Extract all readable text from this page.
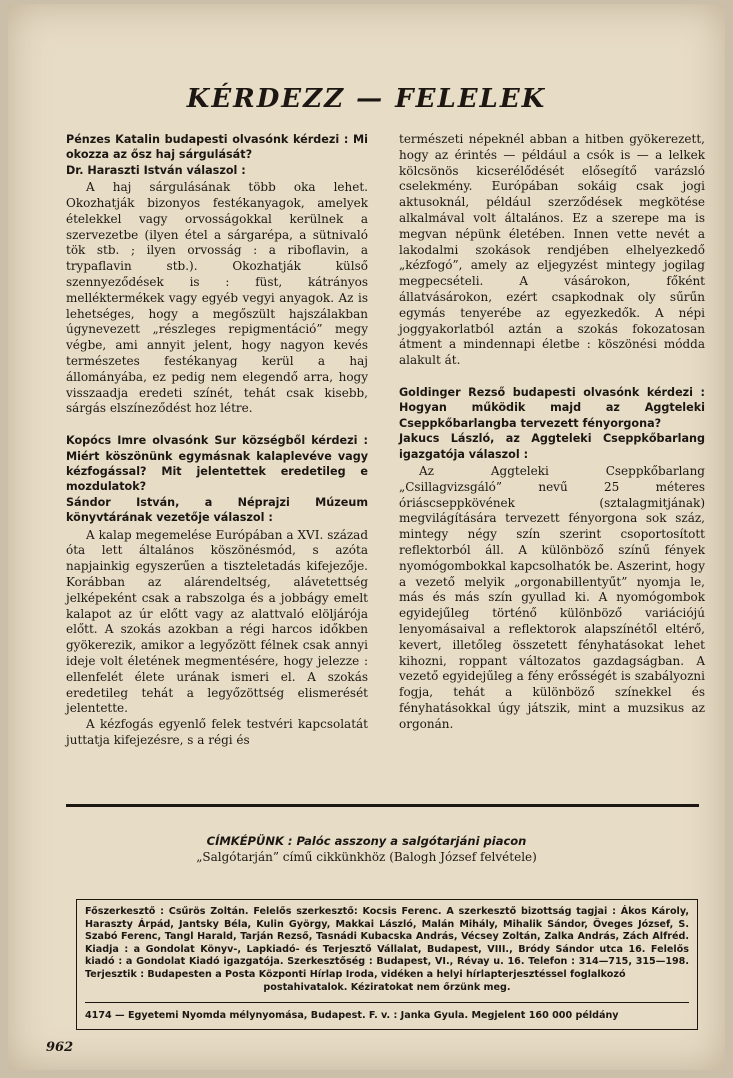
KÉRDEZZ — FELELEK

Pénzes Katalin budapesti olvasónk kérdezi : Mi okozza az ősz haj sárgulását?

Dr. Haraszti István válaszol :

A haj sárgulásának több oka lehet. Okozhatják bizonyos festékanyagok, amelyek ételekkel vagy orvosságokkal kerülnek a szervezetbe (ilyen étel a sárgarépa, a sütnivaló tök stb. ; ilyen orvosság : a riboflavin, a trypaflavin stb.). Okozhatják külső szennyeződések is : füst, kátrányos melléktermékek vagy egyéb vegyi anyagok. Az is lehetséges, hogy a megőszült hajszálakban úgynevezett „részleges repigmentáció” megy végbe, ami annyit jelent, hogy nagyon kevés természetes festékanyag kerül a haj állományába, ez pedig nem elegendő arra, hogy visszaadja eredeti színét, tehát csak kisebb, sárgás elszíneződést hoz létre.

Kopócs Imre olvasónk Sur községből kérdezi : Miért köszönünk egymásnak kalaplevéve vagy kézfogással? Mit jelentettek eredetileg e mozdulatok?

Sándor István, a Néprajzi Múzeum könyvtárának vezetője válaszol :

A kalap megemelése Európában a XVI. század óta lett általános köszönésmód, s azóta napjainkig egyszerűen a tiszteletadás kifejezője. Korábban az alárendeltség, alávetettség jelképeként csak a rabszolga és a jobbágy emelt kalapot az úr előtt vagy az alattvaló elöljárója előtt. A szokás azokban a régi harcos időkben gyökerezik, amikor a legyőzött félnek csak annyi ideje volt életének megmentésére, hogy jelezze : ellenfelét élete urának ismeri el. A szokás eredetileg tehát a legyőzöttség elismerését jelentette.

A kézfogás egyenlő felek testvéri kapcsolatát juttatja kifejezésre, s a régi és

természeti népeknél abban a hitben gyökerezett, hogy az érintés — például a csók is — a lelkek kölcsönös kicserélődését elősegítő varázsló cselekmény. Európában sokáig csak jogi aktusoknál, például szerződések megkötése alkalmával volt általános. Ez a szerepe ma is megvan népünk életében. Innen vette nevét a lakodalmi szokások rendjében elhelyezkedő „kézfogó”, amely az eljegyzést mintegy jogilag megpecsételi. A vásárokon, főként állatvásárokon, ezért csapkodnak oly sűrűn egymás tenyerébe az egyezkedők. A népi joggyakorlatból aztán a szokás fokozatosan átment a mindennapi életbe : köszönési módda alakult át.

Goldinger Rezső budapesti olvasónk kérdezi : Hogyan működik majd az Aggteleki Cseppkőbarlangba tervezett fényorgona?

Jakucs László, az Aggteleki Cseppkőbarlang igazgatója válaszol :

Az Aggteleki Cseppkőbarlang „Csillagvizsgáló” nevű 25 méteres óriáscseppkövének (sztalagmitjának) megvilágítására tervezett fényorgona sok száz, mintegy négy szín szerint csoportosított reflektorból áll. A különböző színű fények nyomógombokkal kapcsolhatók be. Aszerint, hogy a vezető melyik „orgonabillentyűt” nyomja le, más és más szín gyullad ki. A nyomógombok egyidejűleg történő különböző variációjú lenyomásaival a reflektorok alapszínétől eltérő, kevert, illetőleg összetett fényhatásokat lehet kihozni, roppant változatos gazdagságban. A vezető egyidejűleg a fény erősségét is szabályozni fogja, tehát a különböző színekkel és fényhatásokkal úgy játszik, mint a muzsikus az orgonán.

CÍMKÉPÜNK : Palóc asszony a salgótarjáni piacon
„Salgótarján” című cikkünkhöz (Balogh József felvétele)
Főszerkesztő : Csűrös Zoltán. Felelős szerkesztő: Kocsis Ferenc. A szerkesztő bizottság tagjai : Ákos Károly, Haraszty Árpád, Jantsky Béla, Kulin György, Makkai László, Malán Mihály, Mihalik Sándor, Öveges József, S. Szabó Ferenc, Tangl Harald, Tarján Rezső, Tasnádi Kubacska András, Vécsey Zoltán, Zalka András, Zách Alfréd. Kiadja : a Gondolat Könyv-, Lapkiadó- és Terjesztő Vállalat, Budapest, VIII., Bródy Sándor utca 16. Felelős kiadó : a Gondolat Kiadó igazgatója. Szerkesztőség : Budapest, VI., Révay u. 16. Telefon : 314—715, 315—198. Terjesztik : Budapesten a Posta Központi Hírlap Iroda, vidéken a helyi hírlapterjesztéssel foglalkozó
postahivatalok. Kéziratokat nem őrzünk meg.
4174 — Egyetemi Nyomda mélynyomása, Budapest. F. v. : Janka Gyula. Megjelent 160 000 példány
962
